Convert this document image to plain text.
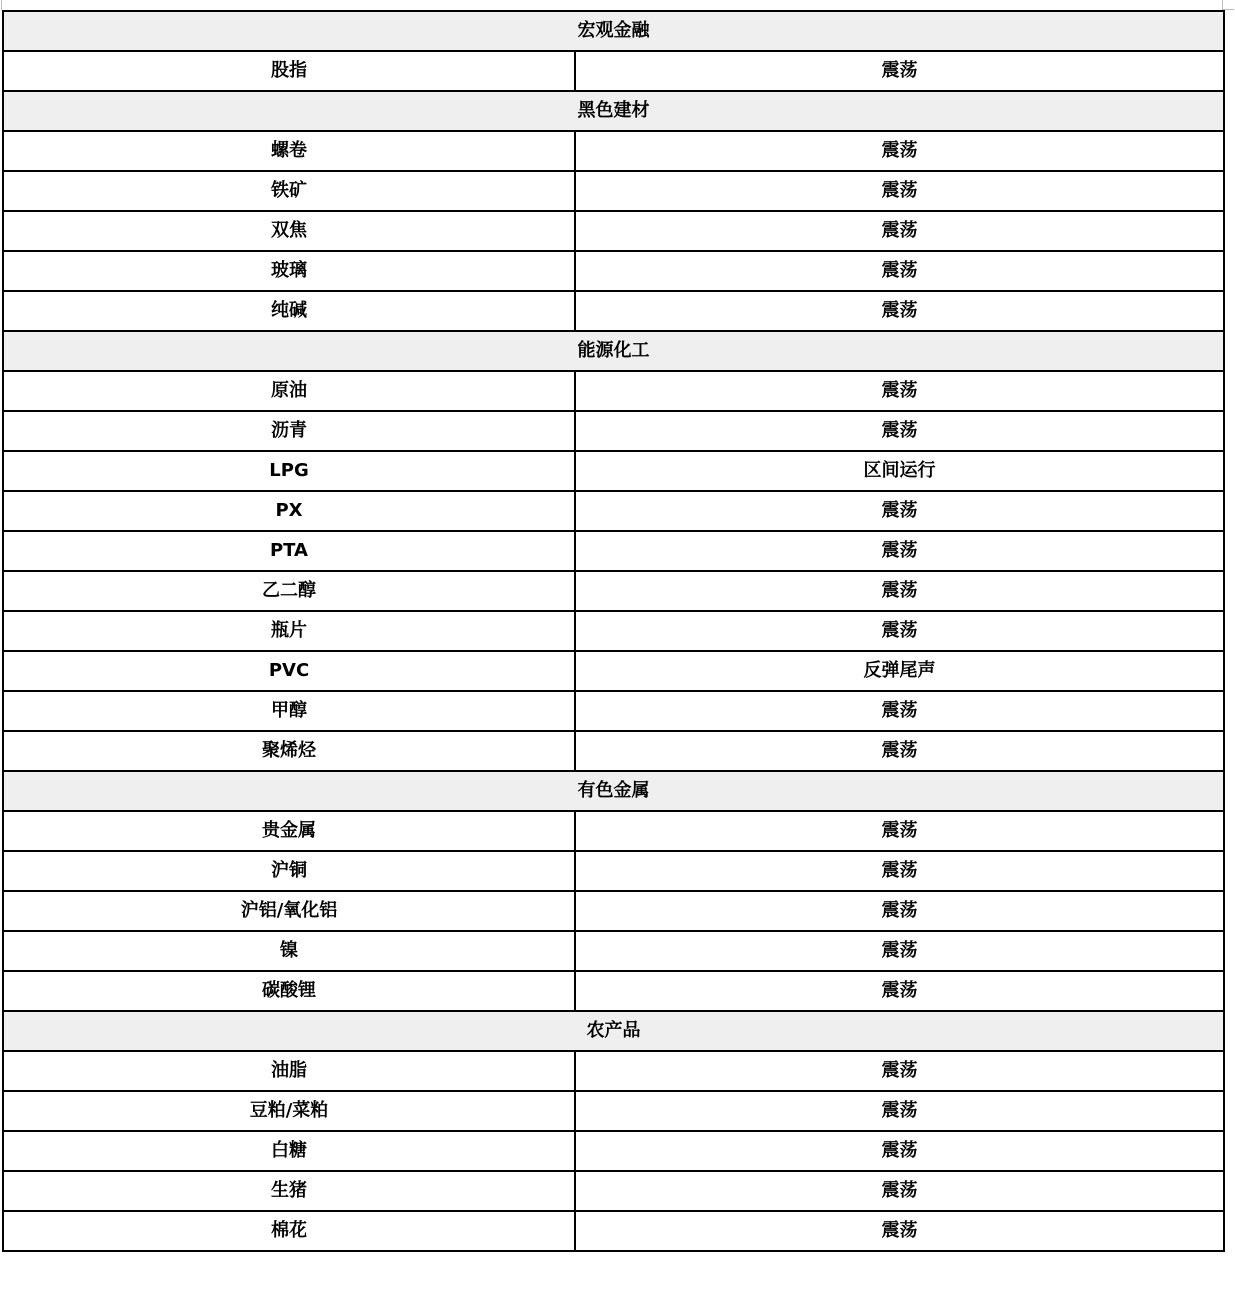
宏观金融	
股指	震荡
黑色建材	
螺卷	震荡
铁矿	震荡
双焦	震荡
玻璃	震荡
纯碱	震荡
能源化工	
原油	震荡
沥青	震荡
LPG	区间运行
PX	震荡
PTA	震荡
乙二醇	震荡
瓶片	震荡
PVC	反弹尾声
甲醇	震荡
聚烯烃	震荡
有色金属	
贵金属	震荡
沪铜	震荡
沪铝/氧化铝	震荡
镍	震荡
碳酸锂	震荡
农产品	
油脂	震荡
豆粕/菜粕	震荡
白糖	震荡
生猪	震荡
棉花	震荡
